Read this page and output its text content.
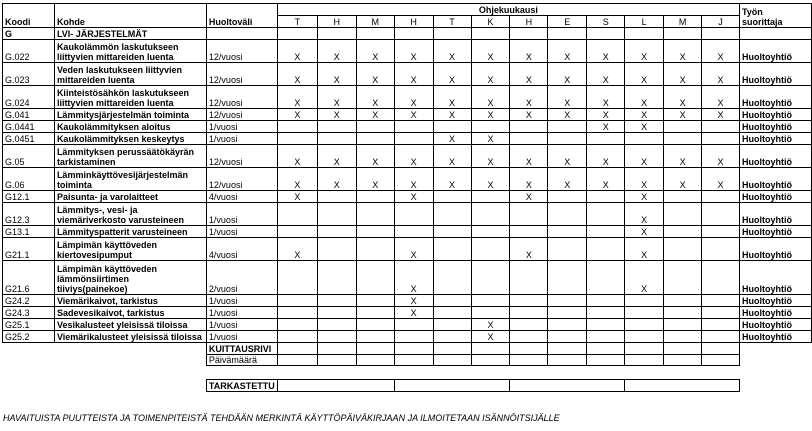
Koodi	Kohde	Huoltoväli	Ohjekuukausi												Työn
suorittaja

			T	H	M	H	T	K	H	E	S	L	M	J	
G	LVI- JÄRJESTELMÄT														
G.022	Kaukolämmön laskutukseen
liittyvien mittareiden luenta	12/vuosi	X	X	X	X	X	X	X	X	X	X	X	X	Huoltoyhtiö
G.023	Veden laskutukseen liittyvien
mittareiden luenta	12/vuosi	X	X	X	X	X	X	X	X	X	X	X	X	Huoltoyhtiö
G.024	Kiinteistösähkön laskutukseen
liittyvien mittareiden luenta	12/vuosi	X	X	X	X	X	X	X	X	X	X	X	X	Huoltoyhtiö
G.041	Lämmitysjärjestelmän toiminta	12/vuosi	X	X	X	X	X	X	X	X	X	X	X	X	Huoltoyhtiö
G.0441	Kaukolämmityksen aloitus	1/vuosi									X	X			Huoltoyhtiö
G.0451	Kaukolämmityksen keskeytys	1/vuosi					X	X							Huoltoyhtiö
G.05	Lämmityksen perussäätökäyrän
tarkistaminen	12/vuosi	X	X	X	X	X	X	X	X	X	X	X	X	Huoltoyhtiö
G.06	Lämminkäyttövesijärjestelmän
toiminta	12/vuosi	X	X	X	X	X	X	X	X	X	X	X	X	Huoltoyhtiö
G12.1	Paisunta- ja varolaitteet	4/vuosi	X			X			X			X			Huoltoyhtiö
G12.3	Lämmitys-, vesi- ja
viemäriverkosto varusteineen	1/vuosi										X			Huoltoyhtiö
G13.1	Lämmityspatterit varusteineen	1/vuosi										X			Huoltoyhtiö
G21.1	Lämpimän käyttöveden
kiertovesipumput	4/vuosi	X			X			X			X			Huoltoyhtiö
G21.6	Lämpimän käyttöveden
lämmönsiirtimen
tiiviys(painekoe)	2/vuosi				X						X			Huoltoyhtiö
G24.2	Viemärikaivot, tarkistus	1/vuosi				X									Huoltoyhtiö
G24.3	Sadevesikaivot, tarkistus	1/vuosi				X									Huoltoyhtiö
G25.1	Vesikalusteet yleisissä tiloissa	1/vuosi						X							Huoltoyhtiö
G25.2	Viemärikalusteet yleisissä tiloissa	1/vuosi						X							Huoltoyhtiö
		KUITTAUSRIVI													
		Päivämäärä													

		TARKASTETTU													
HAVAITUISTA PUUTTEISTA JA TOIMENPITEISTÄ TEHDÄÄN MERKINTÄ KÄYTTÖPÄIVÄKIRJAAN JA ILMOITETAAN ISÄNNÖITSIJÄLLE
